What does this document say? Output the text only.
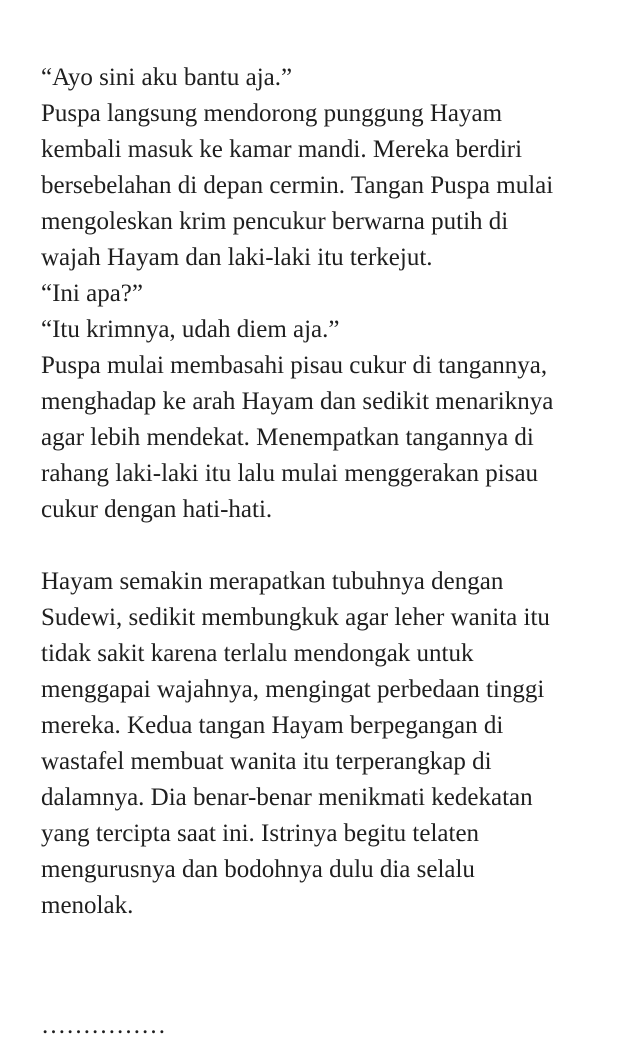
“Ayo sini aku bantu aja.”
Puspa langsung mendorong punggung Hayam
kembali masuk ke kamar mandi. Mereka berdiri
bersebelahan di depan cermin. Tangan Puspa mulai
mengoleskan krim pencukur berwarna putih di
wajah Hayam dan laki-laki itu terkejut.
“Ini apa?”
“Itu krimnya, udah diem aja.”
Puspa mulai membasahi pisau cukur di tangannya,
menghadap ke arah Hayam dan sedikit menariknya
agar lebih mendekat. Menempatkan tangannya di
rahang laki-laki itu lalu mulai menggerakan pisau
cukur dengan hati-hati.
Hayam semakin merapatkan tubuhnya dengan
Sudewi, sedikit membungkuk agar leher wanita itu
tidak sakit karena terlalu mendongak untuk
menggapai wajahnya, mengingat perbedaan tinggi
mereka. Kedua tangan Hayam berpegangan di
wastafel membuat wanita itu terperangkap di
dalamnya. Dia benar-benar menikmati kedekatan
yang tercipta saat ini. Istrinya begitu telaten
mengurusnya dan bodohnya dulu dia selalu
menolak.
……………
